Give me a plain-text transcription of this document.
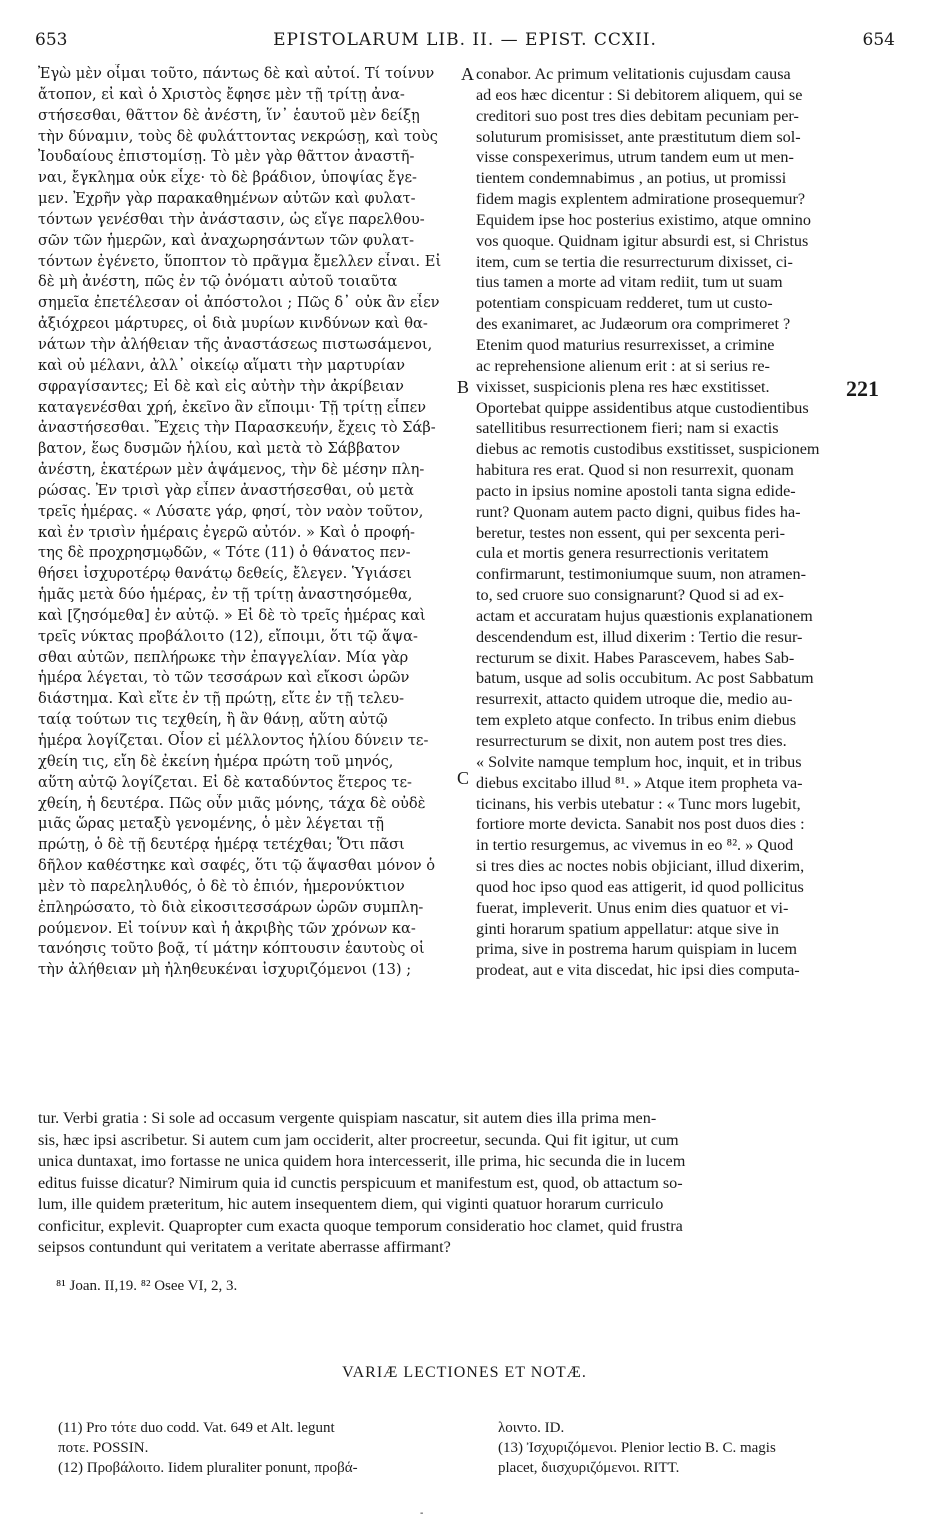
653	EPISTOLARUM LIB. II. — EPIST. CCXII.	654
Ἐγὼ μὲν οἶμαι τοῦτο, πάντως δὲ καὶ αὐτοί. Τί τοίνυν
ἄτοπον, εἰ καὶ ὁ Χριστὸς ἔφησε μὲν τῇ τρίτῃ ἀνα-
στήσεσθαι, θᾶττον δὲ ἀνέστη, ἵν᾽ ἑαυτοῦ μὲν δείξῃ
τὴν δύναμιν, τοὺς δὲ φυλάττοντας νεκρώσῃ, καὶ τοὺς
Ἰουδαίους ἐπιστομίσῃ. Τὸ μὲν γὰρ θᾶττον ἀναστῆ-
ναι, ἔγκλημα οὐκ εἶχε· τὸ δὲ βράδιον, ὑποψίας ἔγε-
μεν. Ἐχρῆν γὰρ παρακαθημένων αὐτῶν καὶ φυλατ-
τόντων γενέσθαι τὴν ἀνάστασιν, ὡς εἴγε παρελθου-
σῶν τῶν ἡμερῶν, καὶ ἀναχωρησάντων τῶν φυλατ-
τόντων ἐγένετο, ὕποπτον τὸ πρᾶγμα ἔμελλεν εἶναι. Εἰ
δὲ μὴ ἀνέστη, πῶς ἐν τῷ ὀνόματι αὐτοῦ τοιαῦτα
σημεῖα ἐπετέλεσαν οἱ ἀπόστολοι ; Πῶς δ᾽ οὐκ ἂν εἶεν
ἀξιόχρεοι μάρτυρες, οἱ διὰ μυρίων κινδύνων καὶ θα-
νάτων τὴν ἀλήθειαν τῆς ἀναστάσεως πιστωσάμενοι,
καὶ οὐ μέλανι, ἀλλ᾽ οἰκείῳ αἵματι τὴν μαρτυρίαν
σφραγίσαντες; Εἰ δὲ καὶ εἰς αὐτὴν τὴν ἀκρίβειαν
καταγενέσθαι χρή, ἐκεῖνο ἂν εἴποιμι· Τῇ τρίτῃ εἶπεν
ἀναστήσεσθαι. Ἔχεις τὴν Παρασκευήν, ἔχεις τὸ Σάβ-
βατον, ἕως δυσμῶν ἡλίου, καὶ μετὰ τὸ Σάββατον
ἀνέστη, ἑκατέρων μὲν ἁψάμενος, τὴν δὲ μέσην πλη-
ρώσας. Ἐν τρισὶ γὰρ εἶπεν ἀναστήσεσθαι, οὐ μετὰ
τρεῖς ἡμέρας. « Λύσατε γάρ, φησί, τὸν ναὸν τοῦτον,
καὶ ἐν τρισὶν ἡμέραις ἐγερῶ αὐτόν. » Καὶ ὁ προφή-
της δὲ προχρησμῳδῶν, « Τότε (11) ὁ θάνατος πεν-
θήσει ἰσχυροτέρῳ θανάτῳ δεθείς, ἔλεγεν. Ὑγιάσει
ἡμᾶς μετὰ δύο ἡμέρας, ἐν τῇ τρίτῃ ἀναστησόμεθα,
καὶ [ζησόμεθα] ἐν αὐτῷ. » Εἰ δὲ τὸ τρεῖς ἡμέρας καὶ
τρεῖς νύκτας προβάλοιτο (12), εἴποιμι, ὅτι τῷ ἅψα-
σθαι αὐτῶν, πεπλήρωκε τὴν ἐπαγγελίαν. Μία γὰρ
ἡμέρα λέγεται, τὸ τῶν τεσσάρων καὶ εἴκοσι ὡρῶν
διάστημα. Καὶ εἴτε ἐν τῇ πρώτῃ, εἴτε ἐν τῇ τελευ-
ταίᾳ τούτων τις τεχθείη, ἢ ἂν θάνῃ, αὕτη αὐτῷ
ἡμέρα λογίζεται. Οἷον εἰ μέλλοντος ἡλίου δύνειν τε-
χθείη τις, εἴη δὲ ἐκείνη ἡμέρα πρώτη τοῦ μηνός,
αὕτη αὐτῷ λογίζεται. Εἰ δὲ καταδύντος ἕτερος τε-
χθείη, ἡ δευτέρα. Πῶς οὖν μιᾶς μόνης, τάχα δὲ οὐδὲ
μιᾶς ὥρας μεταξὺ γενομένης, ὁ μὲν λέγεται τῇ
πρώτῃ, ὁ δὲ τῇ δευτέρᾳ ἡμέρᾳ τετέχθαι; Ὅτι πᾶσι
δῆλον καθέστηκε καὶ σαφές, ὅτι τῷ ἅψασθαι μόνον ὁ
μὲν τὸ παρεληλυθός, ὁ δὲ τὸ ἐπιόν, ἡμερονύκτιον
ἐπληρώσατο, τὸ διὰ εἰκοσιτεσσάρων ὡρῶν συμπλη-
ρούμενον. Εἰ τοίνυν καὶ ἡ ἀκριβὴς τῶν χρόνων κα-
τανόησις τοῦτο βοᾷ, τί μάτην κόπτουσιν ἑαυτοὺς οἱ
τὴν ἀλήθειαν μὴ ἠληθευκέναι ἰσχυριζόμενοι (13) ;
conabor. Ac primum velitationis cujusdam causa
ad eos hæc dicentur : Si debitorem aliquem, qui se
creditori suo post tres dies debitam pecuniam per-
soluturum promisisset, ante præstitutum diem sol-
visse conspexerimus, utrum tandem eum ut men-
tientem condemnabimus , an potius, ut promissi
fidem magis explentem admiratione prosequemur?
Equidem ipse hoc posterius existimo, atque omnino
vos quoque. Quidnam igitur absurdi est, si Christus
item, cum se tertia die resurrecturum dixisset, ci-
tius tamen a morte ad vitam rediit, tum ut suam
potentiam conspicuam redderet, tum ut custo-
des exanimaret, ac Judæorum ora comprimeret ?
Etenim quod maturius resurrexisset, a crimine
ac reprehensione alienum erit : at si serius re-
vixisset, suspicionis plena res hæc exstitisset.
Oportebat quippe assidentibus atque custodientibus
satellitibus resurrectionem fieri; nam si exactis
diebus ac remotis custodibus exstitisset, suspicionem
habitura res erat. Quod si non resurrexit, quonam
pacto in ipsius nomine apostoli tanta signa edide-
runt? Quonam autem pacto digni, quibus fides ha-
beretur, testes non essent, qui per sexcenta peri-
cula et mortis genera resurrectionis veritatem
confirmarunt, testimoniumque suum, non atramen-
to, sed cruore suo consignarunt? Quod si ad ex-
actam et accuratam hujus quæstionis explanationem
descendendum est, illud dixerim : Tertio die resur-
recturum se dixit. Habes Parascevem, habes Sab-
batum, usque ad solis occubitum. Ac post Sabbatum
resurrexit, attacto quidem utroque die, medio au-
tem expleto atque confecto. In tribus enim diebus
resurrecturum se dixit, non autem post tres dies.
« Solvite namque templum hoc, inquit, et in tribus
diebus excitabo illud ⁸¹. » Atque item propheta va-
ticinans, his verbis utebatur : « Tunc mors lugebit,
fortiore morte devicta. Sanabit nos post duos dies :
in tertio resurgemus, ac vivemus in eo ⁸². » Quod
si tres dies ac noctes nobis objiciant, illud dixerim,
quod hoc ipso quod eas attigerit, id quod pollicitus
fuerat, impleverit. Unus enim dies quatuor et vi-
ginti horarum spatium appellatur: atque sive in
prima, sive in postrema harum quispiam in lucem
prodeat, aut e vita discedat, hic ipsi dies computa-
A
B
C
221
tur. Verbi gratia : Si sole ad occasum vergente quispiam nascatur, sit autem dies illa prima men-
sis, hæc ipsi ascribetur. Si autem cum jam occiderit, alter procreetur, secunda. Qui fit igitur, ut cum
unica duntaxat, imo fortasse ne unica quidem hora intercesserit, ille prima, hic secunda die in lucem
editus fuisse dicatur? Nimirum quia id cunctis perspicuum et manifestum est, quod, ob attactum so-
lum, ille quidem præteritum, hic autem insequentem diem, qui viginti quatuor horarum curriculo
conficitur, explevit. Quapropter cum exacta quoque temporum consideratio hoc clamet, quid frustra
seipsos contundunt qui veritatem a veritate aberrasse affirmant?
⁸¹ Joan. II,19. ⁸² Osee VI, 2, 3.
VARIÆ LECTIONES ET NOTÆ.
(11) Pro τότε duo codd. Vat. 649 et Alt. legunt
ποτε. POSSIN.
(12) Προβάλοιτο. Iidem pluraliter ponunt, προβά-
λοιντο. ID.
(13) Ἰσχυριζόμενοι. Plenior lectio B. C. magis
placet, διισχυριζόμενοι. RITT.
-
